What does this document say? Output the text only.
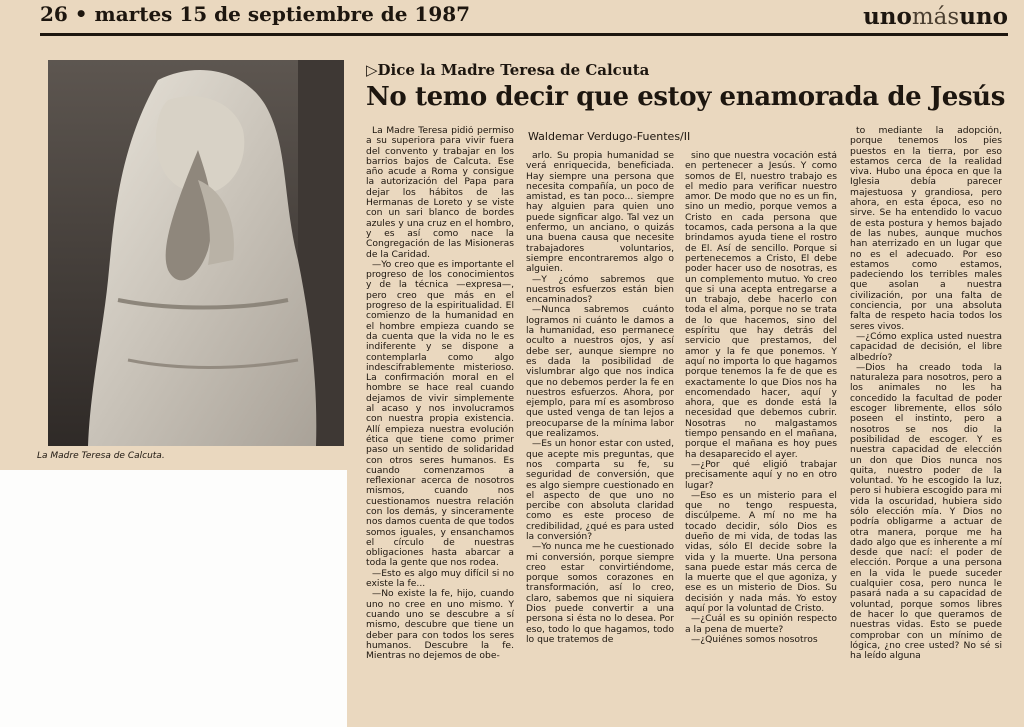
26 • martes 15 de septiembre de 1987	unomásuno
La Madre Teresa de Calcuta.
▷Dice la Madre Teresa de Calcuta
No temo decir que estoy enamorada de Jesús
Waldemar Verdugo-Fuentes/II

La Madre Teresa pidió permiso a su superiora para vivir fuera del convento y trabajar en los barrios bajos de Calcuta. Ese año acude a Roma y consigue la autorización del Papa para dejar los hábitos de las Hermanas de Loreto y se viste con un sari blanco de bordes azules y una cruz en el hombro, y es así como nace la Congregación de las Misioneras de la Caridad.

—Yo creo que es importante el progreso de los conocimientos y de la técnica —expresa—, pero creo que más en el progreso de la espiritualidad. El comienzo de la humanidad en el hombre empieza cuando se da cuenta que la vida no le es indiferente y se dispone a contemplarla como algo indescifrablemente misterioso. La confirmación moral en el hombre se hace real cuando dejamos de vivir simplemente al acaso y nos involucramos con nuestra propia existencia. Allí empieza nuestra evolución ética que tiene como primer paso un sentido de solidaridad con otros seres humanos. Es cuando comenzamos a reflexionar acerca de nosotros mismos, cuando nos cuestionamos nuestra relación con los demás, y sinceramente nos damos cuenta de que todos somos iguales, y ensanchamos el círculo de nuestras obligaciones hasta abarcar a toda la gente que nos rodea.

—Esto es algo muy difícil si no existe la fe...

—No existe la fe, hijo, cuando uno no cree en uno mismo. Y cuando uno se descubre a sí mismo, descubre que tiene un deber para con todos los seres humanos. Descubre la fe. Mientras no dejemos de obe-

arlo. Su propia humanidad se verá enriquecida, beneficiada. Hay siempre una persona que necesita compañía, un poco de amistad, es tan poco... siempre hay alguien para quien uno puede signficar algo. Tal vez un enfermo, un anciano, o quizás una buena causa que necesite trabajadores voluntarios, siempre encontraremos algo o alguien.

—Y ¿cómo sabremos que nuestros esfuerzos están bien encaminados?

—Nunca sabremos cuánto logramos ni cuánto le damos a la humanidad, eso permanece oculto a nuestros ojos, y así debe ser, aunque siempre no es dada la posibilidad de vislumbrar algo que nos indica que no debemos perder la fe en nuestros esfuerzos. Ahora, por ejemplo, para mí es asombroso que usted venga de tan lejos a preocuparse de la mínima labor que realizamos.

—Es un honor estar con usted, que acepte mis preguntas, que nos comparta su fe, su seguridad de conversión, que es algo siempre cuestionado en el aspecto de que uno no percibe con absoluta claridad como es este proceso de credibilidad, ¿qué es para usted la conversión?

—Yo nunca me he cuestionado mi conversión, porque siempre creo estar convirtiéndome, porque somos corazones en transformación, así lo creo, claro, sabemos que ni siquiera Dios puede convertir a una persona si ésta no lo desea. Por eso, todo lo que hagamos, todo lo que tratemos de

sino que nuestra vocación está en pertenecer a Jesús. Y como somos de El, nuestro trabajo es el medio para verificar nuestro amor. De modo que no es un fin, sino un medio, porque vemos a Cristo en cada persona que tocamos, cada persona a la que brindamos ayuda tiene el rostro de El. Así de sencillo. Porque si pertenecemos a Cristo, El debe poder hacer uso de nosotras, es un complemento mutuo. Yo creo que si una acepta entregarse a un trabajo, debe hacerlo con toda el alma, porque no se trata de lo que hacemos, sino del espíritu que hay detrás del servicio que prestamos, del amor y la fe que ponemos. Y aquí no importa lo que hagamos porque tenemos la fe de que es exactamente lo que Dios nos ha encomendado hacer, aquí y ahora, que es donde está la necesidad que debemos cubrir. Nosotras no malgastamos tiempo pensando en el mañana, porque el mañana es hoy pues ha desaparecido el ayer.

—¿Por qué eligió trabajar precisamente aquí y no en otro lugar?

—Eso es un misterio para el que no tengo respuesta, discúlpeme. A mí no me ha tocado decidir, sólo Dios es dueño de mi vida, de todas las vidas, sólo El decide sobre la vida y la muerte. Una persona sana puede estar más cerca de la muerte que el que agoniza, y ese es un misterio de Dios. Su decisión y nada más. Yo estoy aquí por la voluntad de Cristo.

—¿Cuál es su opinión respecto a la pena de muerte?

—¿Quiénes somos nosotros

to mediante la adopción, porque tenemos los pies puestos en la tierra, por eso estamos cerca de la realidad viva. Hubo una época en que la Iglesia debía parecer majestuosa y grandiosa, pero ahora, en esta época, eso no sirve. Se ha entendido lo vacuo de esta postura y hemos bajado de las nubes, aunque muchos han aterrizado en un lugar que no es el adecuado. Por eso estamos como estamos, padeciendo los terribles males que asolan a nuestra civilización, por una falta de conciencia, por una absoluta falta de respeto hacia todos los seres vivos.

—¿Cómo explica usted nuestra capacidad de decisión, el libre albedrío?

—Dios ha creado toda la naturaleza para nosotros, pero a los animales no les ha concedido la facultad de poder escoger libremente, ellos sólo poseen el instinto, pero a nosotros se nos dio la posibilidad de escoger. Y es nuestra capacidad de elección un don que Dios nunca nos quita, nuestro poder de la voluntad. Yo he escogido la luz, pero si hubiera escogido para mi vida la oscuridad, hubiera sido sólo elección mía. Y Dios no podría obligarme a actuar de otra manera, porque me ha dado algo que es inherente a mí desde que nací: el poder de elección. Porque a una persona en la vida le puede suceder cualquier cosa, pero nunca le pasará nada a su capacidad de voluntad, porque somos libres de hacer lo que queramos de nuestras vidas. Esto se puede comprobar con un mínimo de lógica, ¿no cree usted? No sé si ha leído alguna
